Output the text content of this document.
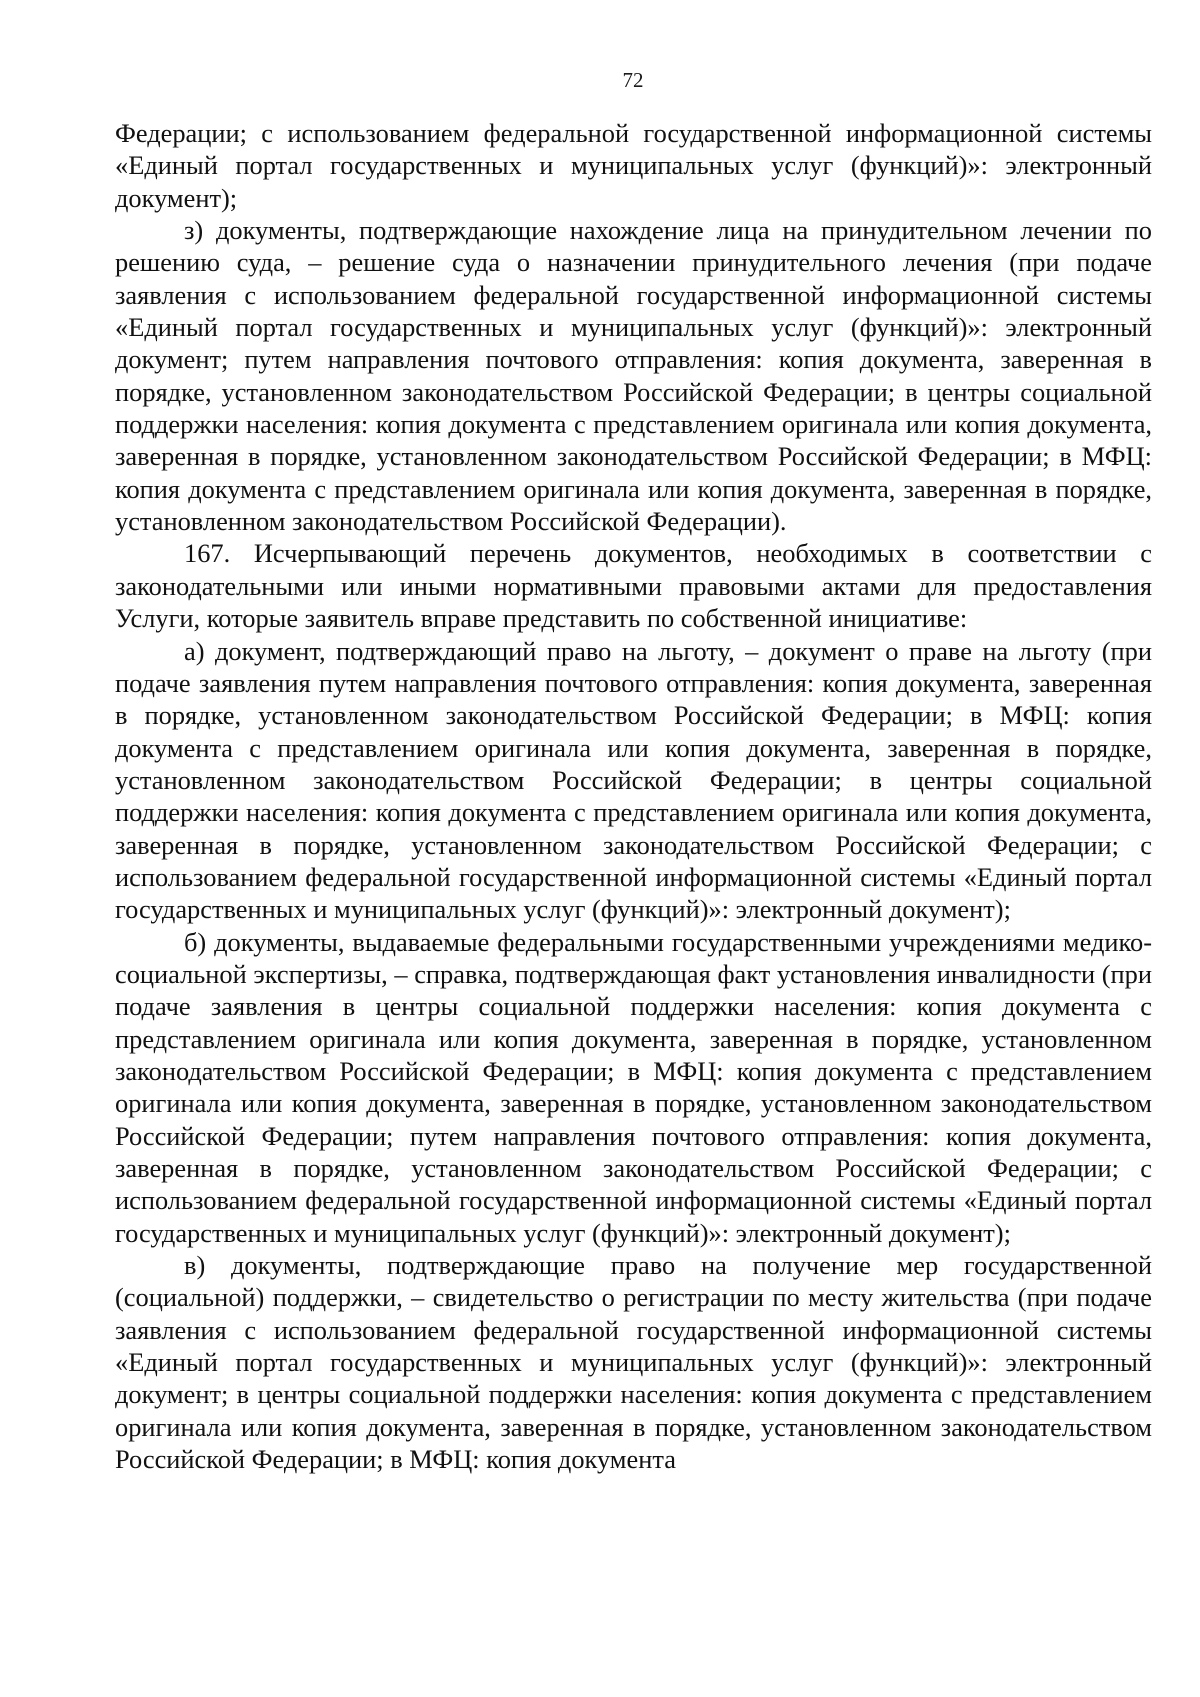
72

Федерации; с использованием федеральной государственной информационной системы «Единый портал государственных и муниципальных услуг (функций)»: электронный документ);

з) документы, подтверждающие нахождение лица на принудительном лечении по решению суда, – решение суда о назначении принудительного лечения (при подаче заявления с использованием федеральной государственной информационной системы «Единый портал государственных и муниципальных услуг (функций)»: электронный документ; путем направления почтового отправления: копия документа, заверенная в порядке, установленном законодательством Российской Федерации; в центры социальной поддержки населения: копия документа с представлением оригинала или копия документа, заверенная в порядке, установленном законодательством Российской Федерации; в МФЦ: копия документа с представлением оригинала или копия документа, заверенная в порядке, установленном законодательством Российской Федерации).

167. Исчерпывающий перечень документов, необходимых в соответствии с законодательными или иными нормативными правовыми актами для предоставления Услуги, которые заявитель вправе представить по собственной инициативе:

а) документ, подтверждающий право на льготу, – документ о праве на льготу (при подаче заявления путем направления почтового отправления: копия документа, заверенная в порядке, установленном законодательством Российской Федерации; в МФЦ: копия документа с представлением оригинала или копия документа, заверенная в порядке, установленном законодательством Российской Федерации; в центры социальной поддержки населения: копия документа с представлением оригинала или копия документа, заверенная в порядке, установленном законодательством Российской Федерации; с использованием федеральной государственной информационной системы «Единый портал государственных и муниципальных услуг (функций)»: электронный документ);

б) документы, выдаваемые федеральными государственными учреждениями медико-социальной экспертизы, – справка, подтверждающая факт установления инвалидности (при подаче заявления в центры социальной поддержки населения: копия документа с представлением оригинала или копия документа, заверенная в порядке, установленном законодательством Российской Федерации; в МФЦ: копия документа с представлением оригинала или копия документа, заверенная в порядке, установленном законодательством Российской Федерации; путем направления почтового отправления: копия документа, заверенная в порядке, установленном законодательством Российской Федерации; с использованием федеральной государственной информационной системы «Единый портал государственных и муниципальных услуг (функций)»: электронный документ);

в) документы, подтверждающие право на получение мер государственной (социальной) поддержки, – свидетельство о регистрации по месту жительства (при подаче заявления с использованием федеральной государственной информационной системы «Единый портал государственных и муниципальных услуг (функций)»: электронный документ; в центры социальной поддержки населения: копия документа с представлением оригинала или копия документа, заверенная в порядке, установленном законодательством Российской Федерации; в МФЦ: копия документа
